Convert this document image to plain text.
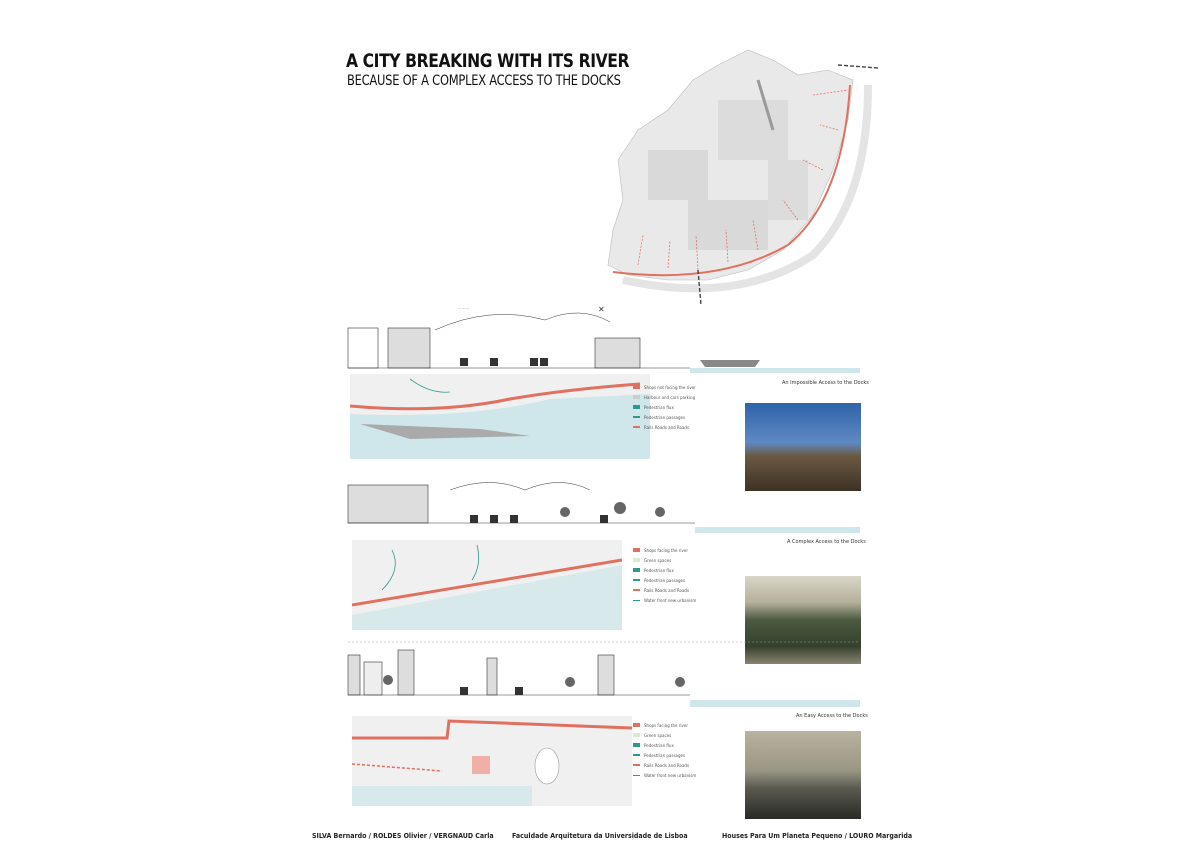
A CITY BREAKING WITH ITS RIVER
BECAUSE OF A COMPLEX ACCESS TO THE DOCKS
— — —	✕
An Impossible Access to the Docks
Shops not facing the river
Harbour and cars parking
Pedestrian flux
Pedestrian passages
Rails Roads and Roads
A Complex Access to the Docks
Shops facing the river
Green spaces
Pedestrian flux
Pedestrian passages
Rails Roads and Roads
Water front new urbanism
An Easy Access to the Docks
Shops facing the river
Green spaces
Pedestrian flux
Pedestrian passages
Rails Roads and Roads
Water front new urbanism
SILVA Bernardo / ROLDES Olivier / VERGNAUD Carla	Faculdade Arquitetura da Universidade de Lisboa	Houses Para Um Planeta Pequeno / LOURO Margarida
